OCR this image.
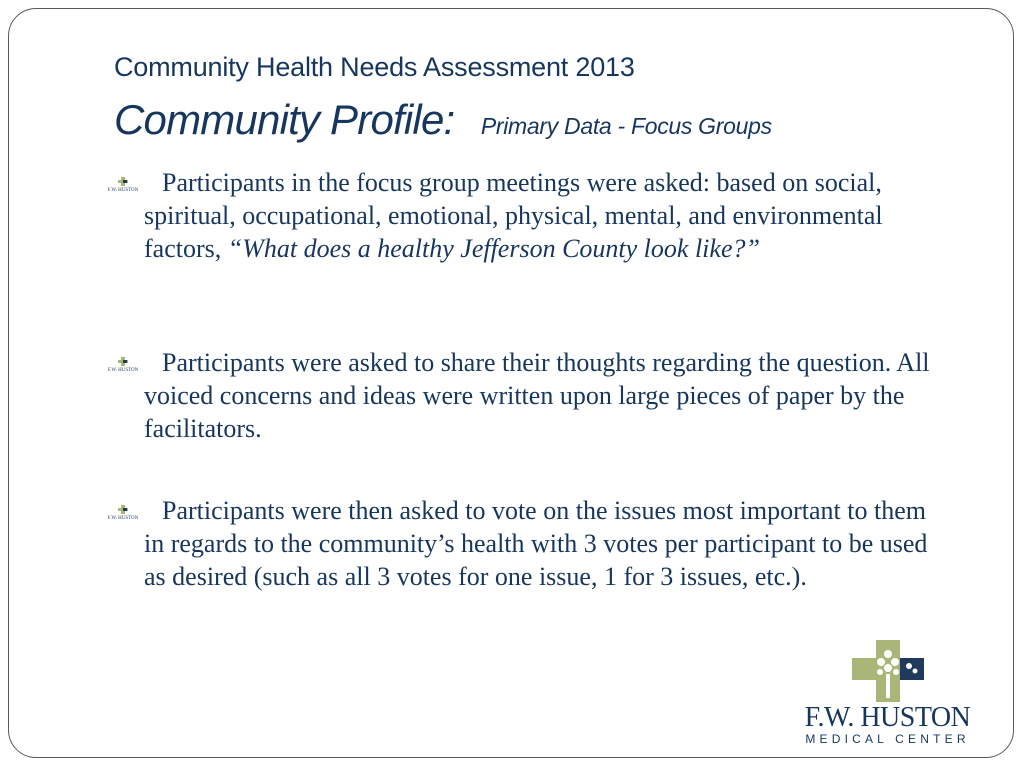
Community Health Needs Assessment 2013
Community Profile: Primary Data - Focus Groups
F.W. HUSTON Participants in the focus group meetings were asked: based on social, spiritual, occupational, emotional, physical, mental, and environmental factors, “What does a healthy Jefferson County look like?”
F.W. HUSTON Participants were asked to share their thoughts regarding the question. All voiced concerns and ideas were written upon large pieces of paper by the facilitators.
F.W. HUSTON Participants were then asked to vote on the issues most important to them in regards to the community’s health with 3 votes per participant to be used as desired (such as all 3 votes for one issue, 1 for 3 issues, etc.).
F.W. HUSTON
MEDICAL CENTER
